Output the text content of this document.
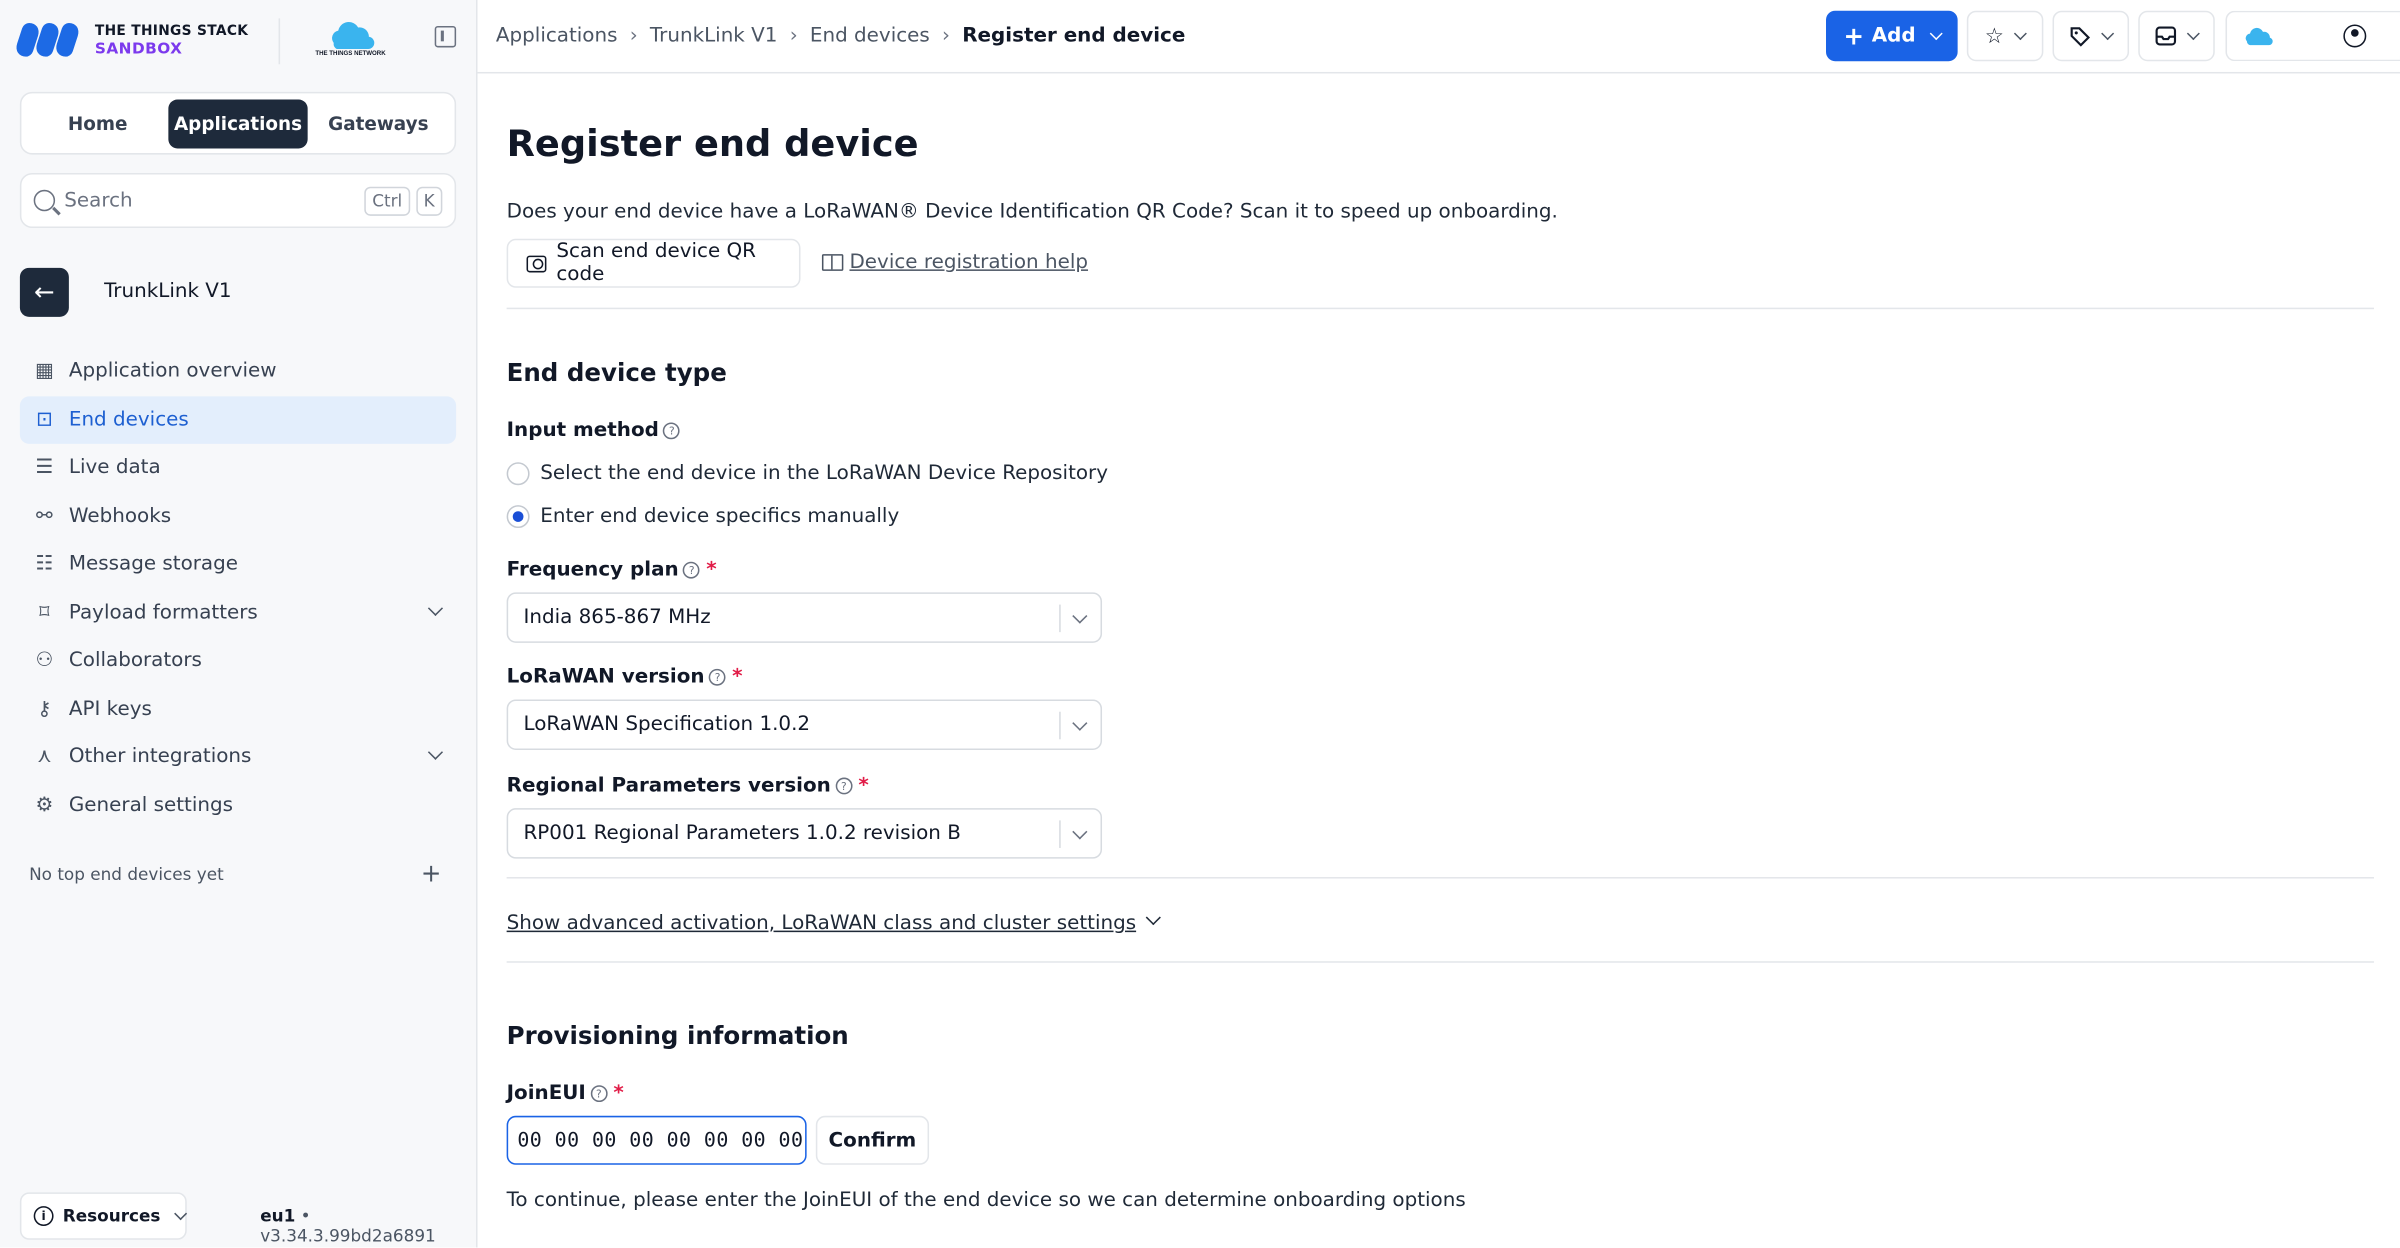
THE THINGS STACK
SANDBOX	THE THINGS NETWORK
Home	Applications	Gateways
Search	Ctrl	K
←	TrunkLink V1
▦ Application overview
⊡ End devices
☰ Live data
⚯ Webhooks
☷ Message storage
⌑	Payload formatters
⚇ Collaborators
⚷	API keys
⋏	Other integrations
⚙ General settings
No top end devices yet	+
i	Resources	eu1 • v3.34.3.99bd2a6891
Applications › TrunkLink V1 › End devices › Register end device	+ Add	☆
Register end device

Does your end device have a LoRaWAN® Device Identification QR Code? Scan it to speed up onboarding.

Scan end device QR code
Device registration help
End device type
Input method	?
Select the end device in the LoRaWAN Device Repository
Enter end device specifics manually
Frequency plan	? *
India 865-867 MHz
LoRaWAN version	? *
LoRaWAN Specification 1.0.2
Regional Parameters version	? *
RP001 Regional Parameters 1.0.2 revision B
Show advanced activation, LoRaWAN class and cluster settings
Provisioning information
JoinEUI	? *
00 00 00 00 00 00 00 00	Confirm

To continue, please enter the JoinEUI of the end device so we can determine onboarding options
